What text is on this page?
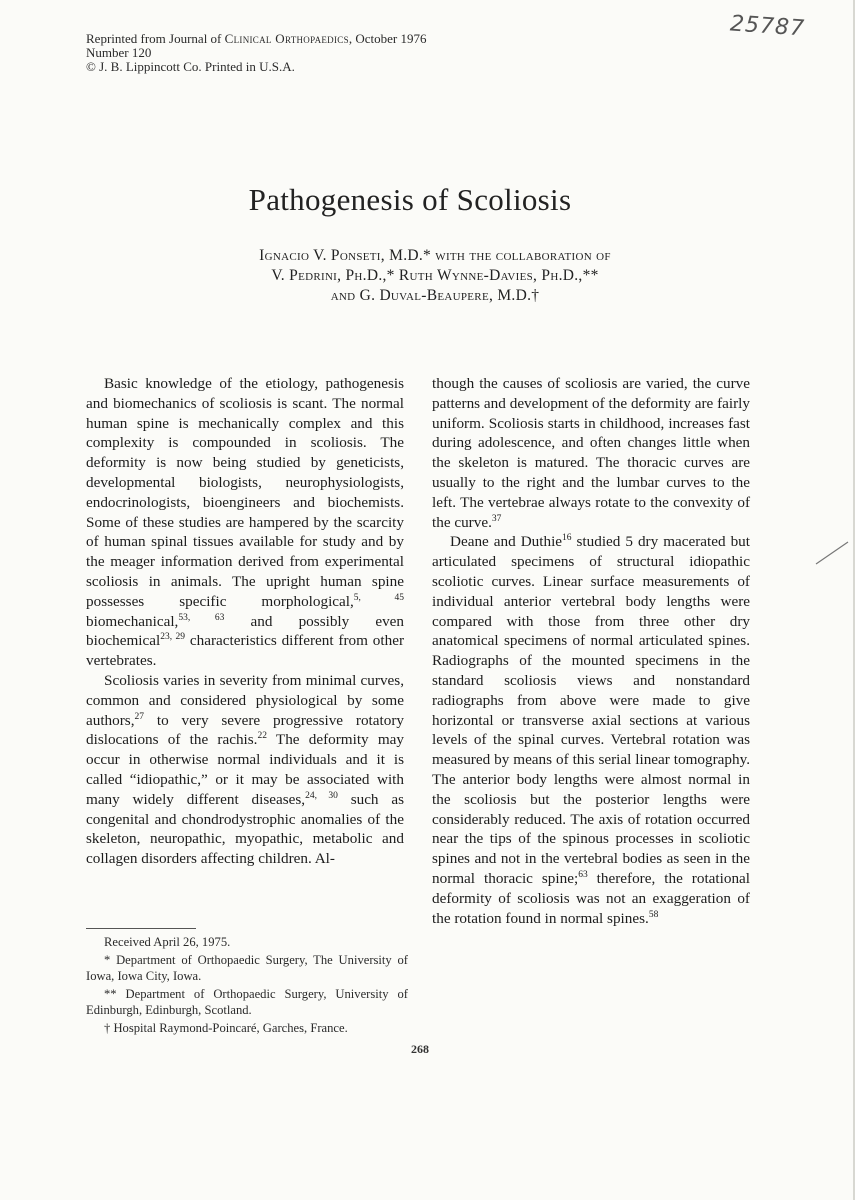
Reprinted from Journal of Clinical Orthopaedics, October 1976
Number 120
© J. B. Lippincott Co. Printed in U.S.A.
25787
Pathogenesis of Scoliosis
Ignacio V. Ponseti, M.D.* with the collaboration of
V. Pedrini, Ph.D.,* Ruth Wynne-Davies, Ph.D.,**
and G. Duval-Beaupere, M.D.†

Basic knowledge of the etiology, pathogenesis and biomechanics of scoliosis is scant. The normal human spine is mechanically complex and this complexity is compounded in scoliosis. The deformity is now being studied by geneticists, developmental biologists, neurophysiologists, endocrinologists, bioengineers and biochemists. Some of these studies are hampered by the scarcity of human spinal tissues available for study and by the meager information derived from experimental scoliosis in animals. The upright human spine possesses specific morphological,$^{5, 45}$ biomechanical,$^{53, 63}$ and possibly even biochemical$^{23, 29}$ characteristics different from other vertebrates.

Scoliosis varies in severity from minimal curves, common and considered physiological by some authors,$^{27}$ to very severe progressive rotatory dislocations of the rachis.$^{22}$ The deformity may occur in otherwise normal individuals and it is called “idiopathic,” or it may be associated with many widely different diseases,$^{24, 30}$ such as congenital and chondrodystrophic anomalies of the skeleton, neuropathic, myopathic, metabolic and collagen disorders affecting children. Al-

though the causes of scoliosis are varied, the curve patterns and development of the deformity are fairly uniform. Scoliosis starts in childhood, increases fast during adolescence, and often changes little when the skeleton is matured. The thoracic curves are usually to the right and the lumbar curves to the left. The vertebrae always rotate to the convexity of the curve.$^{37}$

Deane and Duthie$^{16}$ studied 5 dry macerated but articulated specimens of structural idiopathic scoliotic curves. Linear surface measurements of individual anterior vertebral body lengths were compared with those from three other dry anatomical specimens of normal articulated spines. Radiographs of the mounted specimens in the standard scoliosis views and nonstandard radiographs from above were made to give horizontal or transverse axial sections at various levels of the spinal curves. Vertebral rotation was measured by means of this serial linear tomography. The anterior body lengths were almost normal in the scoliosis but the posterior lengths were considerably reduced. The axis of rotation occurred near the tips of the spinous processes in scoliotic spines and not in the vertebral bodies as seen in the normal thoracic spine;$^{63}$ therefore, the rotational deformity of scoliosis was not an exaggeration of the rotation found in normal spines.$^{58}$

Received April 26, 1975.

* Department of Orthopaedic Surgery, The University of Iowa, Iowa City, Iowa.

** Department of Orthopaedic Surgery, University of Edinburgh, Edinburgh, Scotland.

† Hospital Raymond-Poincaré, Garches, France.

268
